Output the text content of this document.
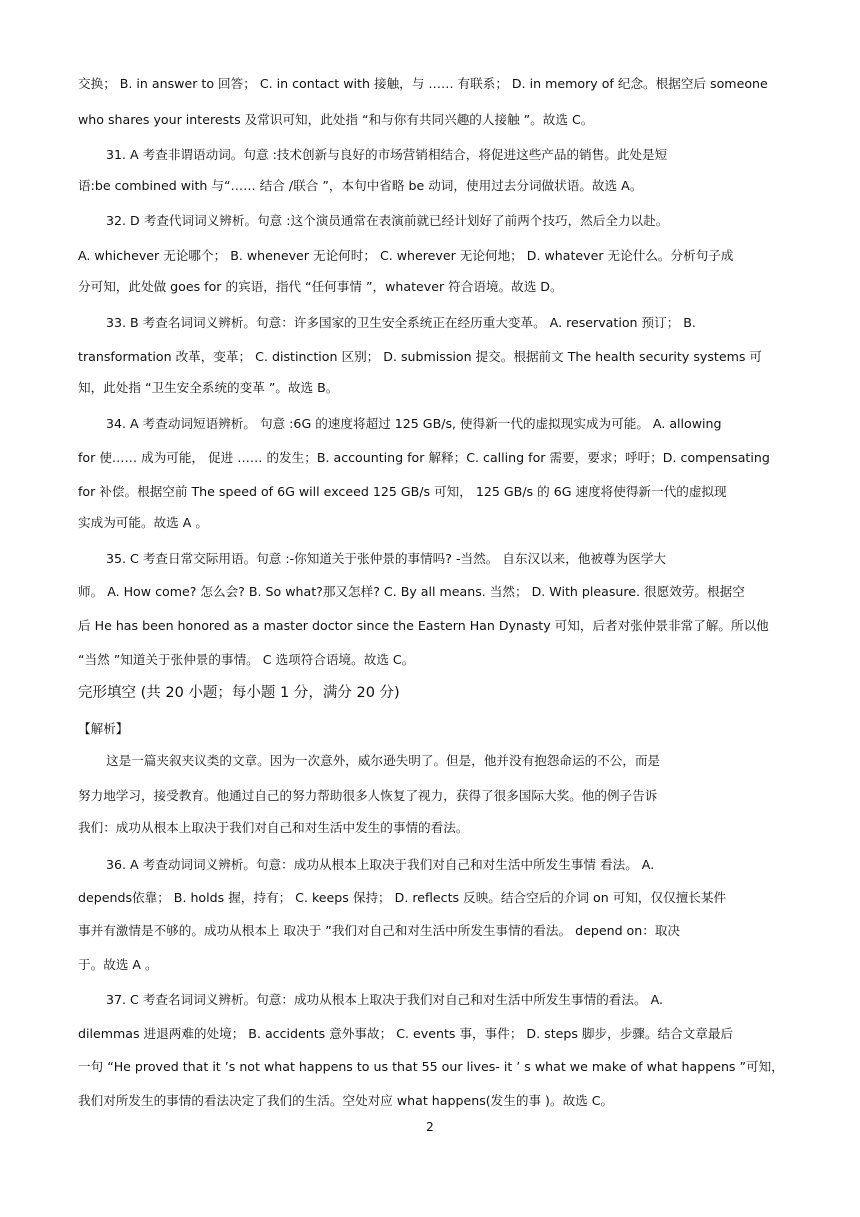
交换； B. in answer to 回答； C. in contact with 接触，与 …… 有联系； D. in memory of 纪念。根据空后 someone
who shares your interests 及常识可知，此处指 “和与你有共同兴趣的人接触 ”。故选 C。
31. A 考查非谓语动词。句意 :技术创新与良好的市场营销相结合，将促进这些产品的销售。此处是短
语:be combined with 与“…… 结合 /联合 ”，本句中省略 be 动词，使用过去分词做状语。故选 A。
32. D 考查代词词义辨析。句意 :这个演员通常在表演前就已经计划好了前两个技巧，然后全力以赴。
A. whichever 无论哪个； B. whenever 无论何时； C. wherever 无论何地； D. whatever 无论什么。分析句子成
分可知，此处做 goes for 的宾语，指代 “任何事情 ”，whatever 符合语境。故选 D。
33. B 考查名词词义辨析。句意：许多国家的卫生安全系统正在经历重大变革。 A. reservation 预订； B.
transformation 改革，变革； C. distinction 区别； D. submission 提交。根据前文 The health security systems 可
知，此处指 “卫生安全系统的变革 ”。故选 B。
34. A 考查动词短语辨析。 句意 :6G 的速度将超过 125 GB/s, 使得新一代的虚拟现实成为可能。 A. allowing
for 使…… 成为可能， 促进 …… 的发生；B. accounting for 解释；C. calling for 需要，要求；呼吁；D. compensating
for 补偿。根据空前 The speed of 6G will exceed 125 GB/s 可知， 125 GB/s 的 6G 速度将使得新一代的虚拟现
实成为可能。故选 A 。
35. C 考查日常交际用语。句意 :-你知道关于张仲景的事情吗? -当然。 自东汉以来，他被尊为医学大
师。 A. How come? 怎么会? B. So what?那又怎样? C. By all means. 当然； D. With pleasure. 很愿效劳。根据空
后 He has been honored as a master doctor since the Eastern Han Dynasty 可知，后者对张仲景非常了解。所以他
“当然 ”知道关于张仲景的事情。 C 选项符合语境。故选 C。
完形填空 (共 20 小题；每小题 1 分，满分 20 分)
【解析】
这是一篇夹叙夹议类的文章。因为一次意外，威尔逊失明了。但是，他并没有抱怨命运的不公，而是
努力地学习，接受教育。他通过自己的努力帮助很多人恢复了视力，获得了很多国际大奖。他的例子告诉
我们：成功从根本上取决于我们对自己和对生活中发生的事情的看法。
36. A 考查动词词义辨析。句意：成功从根本上取决于我们对自己和对生活中所发生事情 看法。 A.
depends依靠； B. holds 握，持有； C. keeps 保持； D. reflects 反映。结合空后的介词 on 可知，仅仅擅长某件
事并有激情是不够的。成功从根本上 取决于 ”我们对自己和对生活中所发生事情的看法。 depend on：取决
于。故选 A 。
37. C 考查名词词义辨析。句意：成功从根本上取决于我们对自己和对生活中所发生事情的看法。 A.
dilemmas 进退两难的处境； B. accidents 意外事故； C. events 事，事件； D. steps 脚步，步骤。结合文章最后
一句 “He proved that it ’s not what happens to us that 55 our lives- it ’ s what we make of what happens ”可知，
我们对所发生的事情的看法决定了我们的生活。空处对应 what happens(发生的事 )。故选 C。
2
